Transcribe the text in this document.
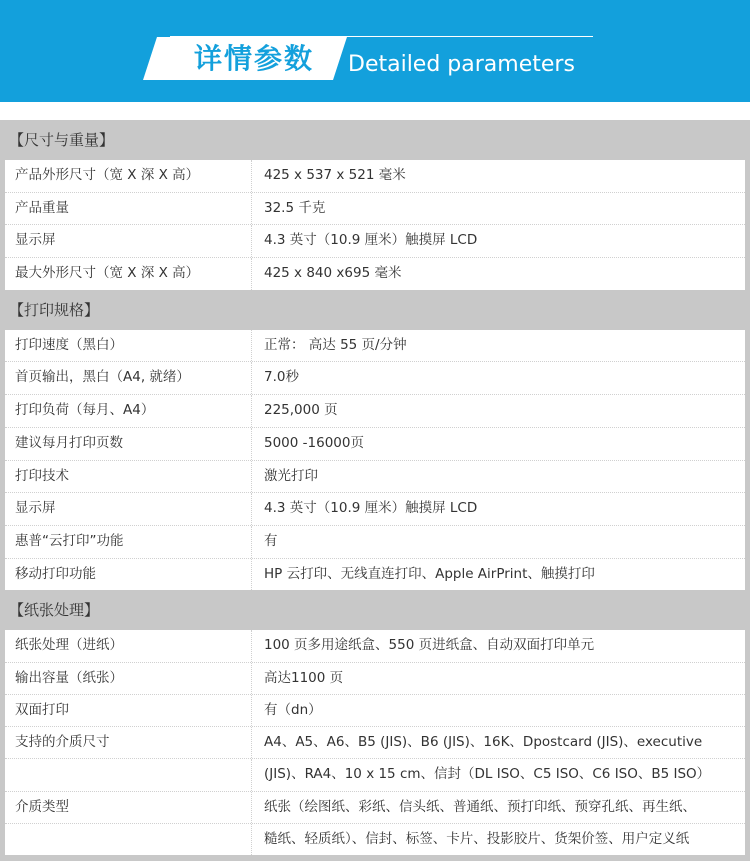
详情参数	Detailed parameters
【尺寸与重量】
产品外形尺寸（宽 X 深 X 高）	425 x 537 x 521 毫米
产品重量	32.5 千克
显示屏	4.3 英寸（10.9 厘米）触摸屏 LCD
最大外形尺寸（宽 X 深 X 高）	425 x 840 x695 毫米
【打印规格】
打印速度（黑白）	正常： 高达 55 页/分钟
首页输出，黑白（A4, 就绪）	7.0秒
打印负荷（每月、A4）	225,000 页
建议每月打印页数	5000 -16000页
打印技术	激光打印
显示屏	4.3 英寸（10.9 厘米）触摸屏 LCD
惠普“云打印”功能	有
移动打印功能	HP 云打印、无线直连打印、Apple AirPrint、触摸打印
【纸张处理】
纸张处理（进纸）	100 页多用途纸盒、550 页进纸盒、自动双面打印单元
输出容量（纸张）	高达1100 页
双面打印	有（dn）
支持的介质尺寸	A4、A5、A6、B5 (JIS)、B6 (JIS)、16K、Dpostcard (JIS)、executive
(JIS)、RA4、10 x 15 cm、信封（DL ISO、C5 ISO、C6 ISO、B5 ISO）
介质类型	纸张（绘图纸、彩纸、信头纸、普通纸、预打印纸、预穿孔纸、再生纸、
糙纸、轻质纸）、信封、标签、卡片、投影胶片、货架价签、用户定义纸
